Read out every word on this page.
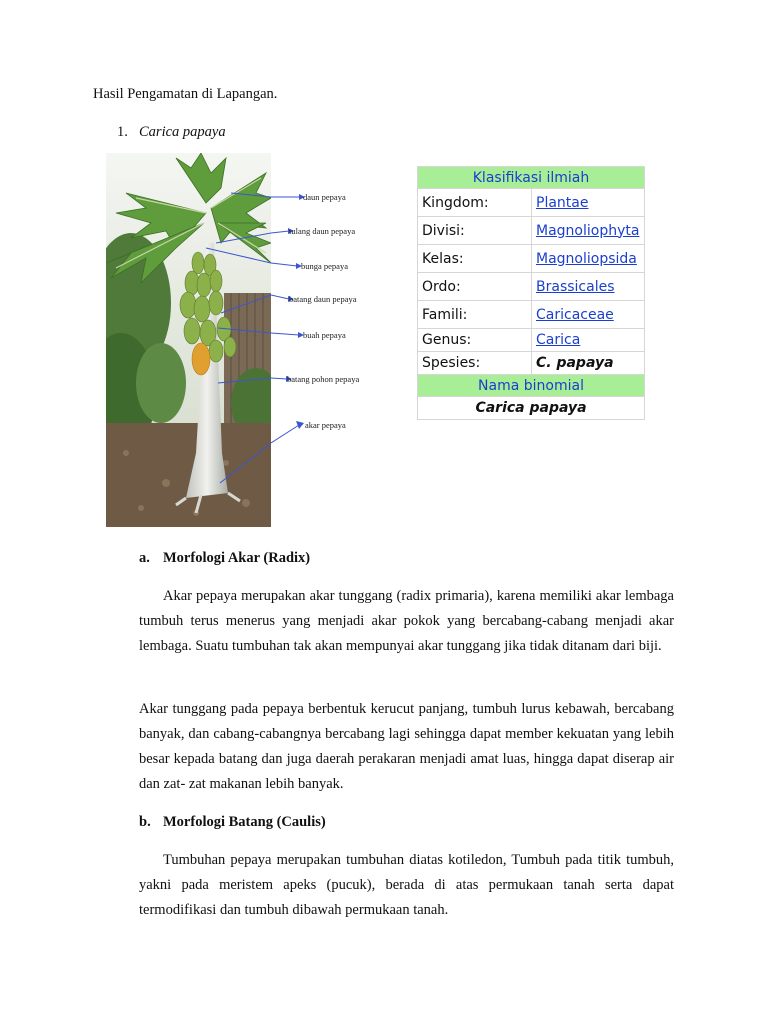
Hasil Pengamatan di Lapangan.
1. Carica papaya
daun pepaya
tulang daun pepaya
bunga pepaya
batang daun pepaya
buah pepaya
batang pohon pepaya
akar pepaya
Klasifikasi ilmiah	
Kingdom:	Plantae
Divisi:	Magnoliophyta
Kelas:	Magnoliopsida
Ordo:	Brassicales
Famili:	Caricaceae
Genus:	Carica
Spesies:	C. papaya
Nama binomial	
Carica papaya	
a. Morfologi Akar (Radix)
Akar pepaya merupakan akar tunggang (radix primaria), karena memiliki akar lembaga tumbuh terus menerus yang menjadi akar pokok yang bercabang-cabang menjadi akar lembaga. Suatu tumbuhan tak akan mempunyai akar tunggang jika tidak ditanam dari biji.
Akar tunggang pada pepaya berbentuk kerucut panjang, tumbuh lurus kebawah, bercabang banyak, dan cabang-cabangnya bercabang lagi sehingga dapat member kekuatan yang lebih besar kepada batang dan juga daerah perakaran menjadi amat luas, hingga dapat diserap air dan zat- zat makanan lebih banyak.
b. Morfologi Batang (Caulis)
Tumbuhan pepaya merupakan tumbuhan diatas kotiledon, Tumbuh pada titik tumbuh, yakni pada meristem apeks (pucuk), berada di atas permukaan tanah serta dapat termodifikasi dan tumbuh dibawah permukaan tanah.
